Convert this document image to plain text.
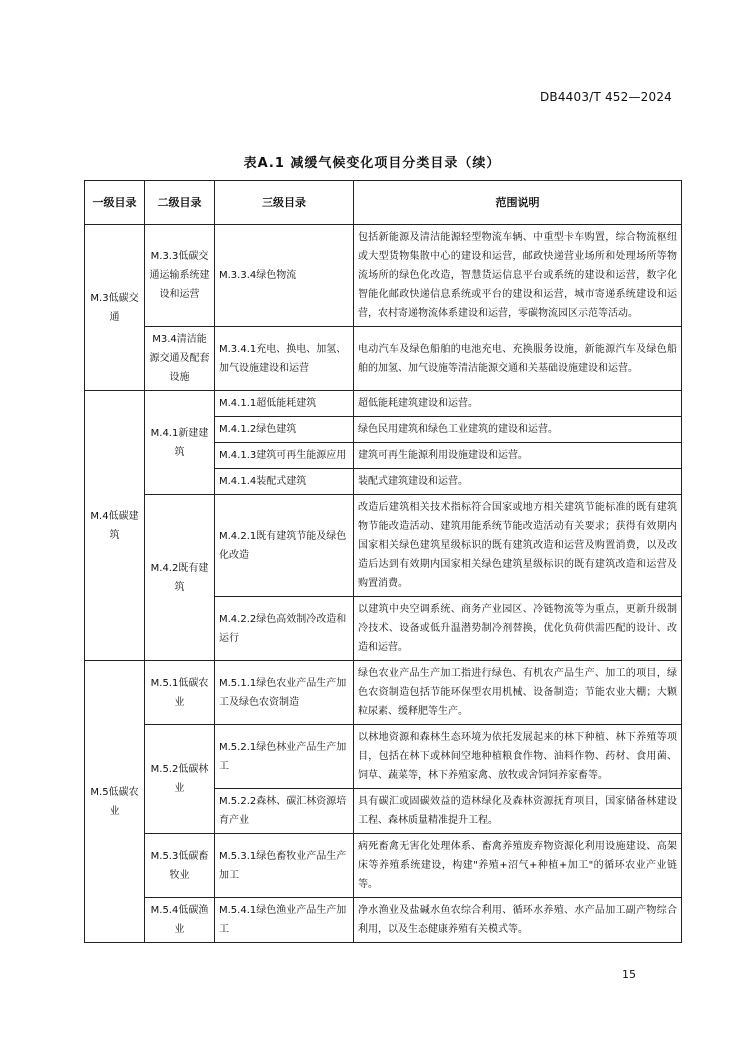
DB4403/T 452—2024
表A.1 减缓气候变化项目分类目录（续）
一级目录	二级目录	三级目录	范围说明
M.3低碳交通	M.3.3低碳交通运输系统建设和运营	M.3.3.4绿色物流	包括新能源及清洁能源轻型物流车辆、中重型卡车购置，综合物流枢纽或大型货物集散中心的建设和运营，邮政快递营业场所和处理场所等物流场所的绿色化改造，智慧货运信息平台或系统的建设和运营，数字化智能化邮政快递信息系统或平台的建设和运营，城市寄递系统建设和运营，农村寄递物流体系建设和运营，零碳物流园区示范等活动。
	M3.4清洁能源交通及配套设施	M.3.4.1充电、换电、加氢、加气设施建设和运营	电动汽车及绿色船舶的电池充电、充换服务设施，新能源汽车及绿色船舶的加氢、加气设施等清洁能源交通和关基础设施建设和运营。
M.4低碳建筑	M.4.1新建建筑	M.4.1.1超低能耗建筑	超低能耗建筑建设和运营。
		M.4.1.2绿色建筑	绿色民用建筑和绿色工业建筑的建设和运营。
		M.4.1.3建筑可再生能源应用	建筑可再生能源利用设施建设和运营。
		M.4.1.4装配式建筑	装配式建筑建设和运营。
	M.4.2既有建筑	M.4.2.1既有建筑节能及绿色化改造	改造后建筑相关技术指标符合国家或地方相关建筑节能标准的既有建筑物节能改造活动、建筑用能系统节能改造活动有关要求；获得有效期内国家相关绿色建筑星级标识的既有建筑改造和运营及购置消费，以及改造后达到有效期内国家相关绿色建筑星级标识的既有建筑改造和运营及购置消费。
		M.4.2.2绿色高效制冷改造和运行	以建筑中央空调系统、商务产业园区、冷链物流等为重点，更新升级制冷技术、设备或低升温潜势制冷剂替换，优化负荷供需匹配的设计、改造和运营。
M.5低碳农业	M.5.1低碳农业	M.5.1.1绿色农业产品生产加工及绿色农资制造	绿色农业产品生产加工指进行绿色、有机农产品生产、加工的项目，绿色农资制造包括节能环保型农用机械、设备制造；节能农业大棚；大颗粒尿素、缓释肥等生产。
	M.5.2低碳林业	M.5.2.1绿色林业产品生产加工	以林地资源和森林生态环境为依托发展起来的林下种植、林下养殖等项目，包括在林下或林间空地种植粮食作物、油料作物、药材、食用菌、饲草、蔬菜等，林下养殖家禽、放牧或舍饲饲养家畜等。
		M.5.2.2森林、碳汇林资源培育产业	具有碳汇或固碳效益的造林绿化及森林资源抚育项目，国家储备林建设工程、森林质量精准提升工程。
	M.5.3低碳畜牧业	M.5.3.1绿色畜牧业产品生产加工	病死畜禽无害化处理体系、畜禽养殖废弃物资源化利用设施建设、高架床等养殖系统建设，构建"养殖+沼气+种植+加工"的循环农业产业链等。
	M.5.4低碳渔业	M.5.4.1绿色渔业产品生产加工	净水渔业及盐碱水鱼农综合利用、循环水养殖、水产品加工副产物综合利用，以及生态健康养殖有关模式等。
15
